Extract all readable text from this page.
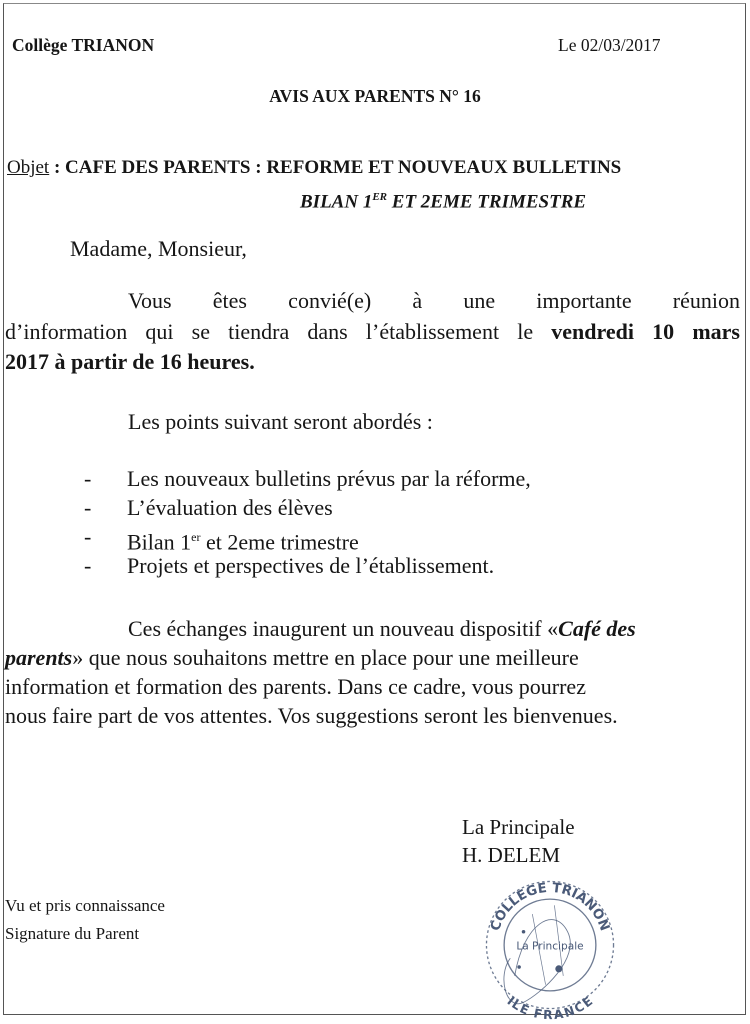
Collège TRIANON	Le 02/03/2017
AVIS AUX PARENTS N° 16
Objet : CAFE DES PARENTS : REFORME ET NOUVEAUX BULLETINS
BILAN 1ER ET 2EME TRIMESTRE
Madame, Monsieur,
Vous êtes convié(e) à une importante réunion
d’information qui se tiendra dans l’établissement le vendredi 10 mars
2017 à partir de 16 heures.
Les points suivant seront abordés :
- Les nouveaux bulletins prévus par la réforme,
- L’évaluation des élèves
- Bilan 1er et 2eme trimestre
- Projets et perspectives de l’établissement.
Ces échanges inaugurent un nouveau dispositif «Café des
parents» que nous souhaitons mettre en place pour une meilleure
information et formation des parents. Dans ce cadre, vous pourrez
nous faire part de vos attentes. Vos suggestions seront les bienvenues.
La Principale
H. DELEM
COLLEGE TRIANON
ILE FRANCE
La Principale
Vu et pris connaissance
Signature du Parent
